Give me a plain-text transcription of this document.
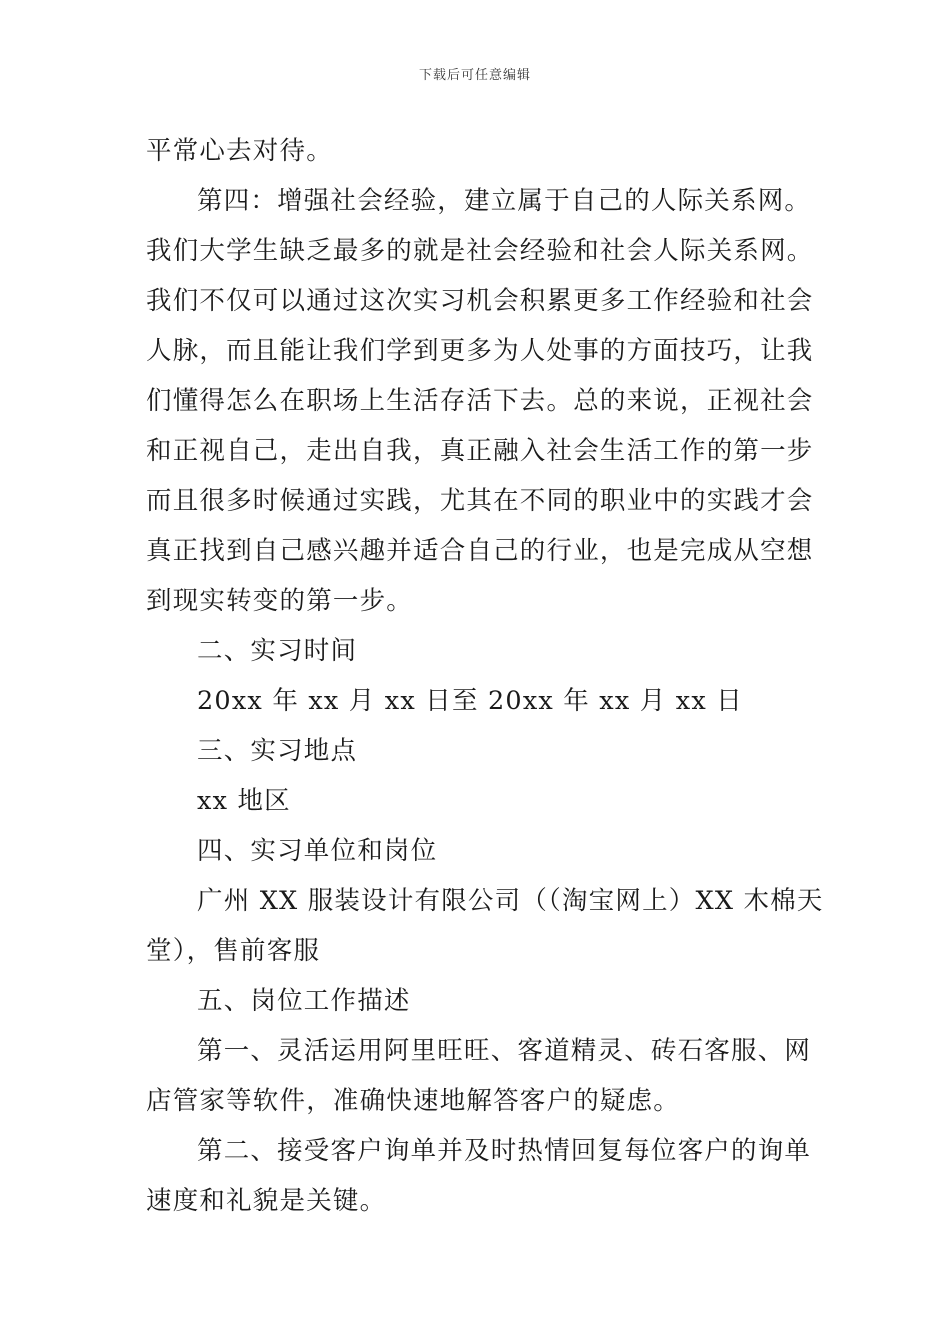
下载后可任意编辑
平常心去对待。
第四：增强社会经验，建立属于自己的人际关系网。
我们大学生缺乏最多的就是社会经验和社会人际关系网。
我们不仅可以通过这次实习机会积累更多工作经验和社会
人脉，而且能让我们学到更多为人处事的方面技巧，让我
们懂得怎么在职场上生活存活下去。总的来说，正视社会
和正视自己，走出自我，真正融入社会生活工作的第一步
而且很多时候通过实践，尤其在不同的职业中的实践才会
真正找到自己感兴趣并适合自己的行业，也是完成从空想
到现实转变的第一步。
二、实习时间
20xx 年 xx 月 xx 日至 20xx 年 xx 月 xx 日
三、实习地点
xx 地区
四、实习单位和岗位
广州 XX 服装设计有限公司（（淘宝网上）XX 木棉天
堂），售前客服
五、岗位工作描述
第一、灵活运用阿里旺旺、客道精灵、砖石客服、网
店管家等软件，准确快速地解答客户的疑虑。
第二、接受客户询单并及时热情回复每位客户的询单
速度和礼貌是关键。
